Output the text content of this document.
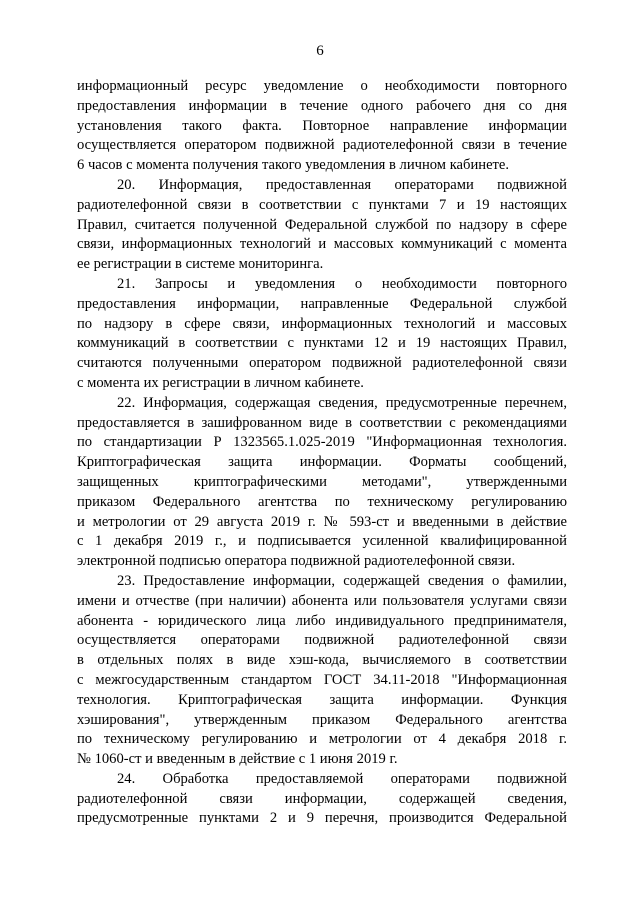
6
информационный ресурс уведомление о необходимости повторного
предоставления информации в течение одного рабочего дня со дня
установления такого факта. Повторное направление информации
осуществляется оператором подвижной радиотелефонной связи в течение
6 часов с момента получения такого уведомления в личном кабинете.
20. Информация, предоставленная операторами подвижной
радиотелефонной связи в соответствии с пунктами 7 и 19 настоящих
Правил, считается полученной Федеральной службой по надзору в сфере
связи, информационных технологий и массовых коммуникаций с момента
ее регистрации в системе мониторинга.
21. Запросы и уведомления о необходимости повторного
предоставления информации, направленные Федеральной службой
по надзору в сфере связи, информационных технологий и массовых
коммуникаций в соответствии с пунктами 12 и 19 настоящих Правил,
считаются полученными оператором подвижной радиотелефонной связи
с момента их регистрации в личном кабинете.
22. Информация, содержащая сведения, предусмотренные перечнем,
предоставляется в зашифрованном виде в соответствии с рекомендациями
по стандартизации Р 1323565.1.025-2019 "Информационная технология.
Криптографическая защита информации. Форматы сообщений,
защищенных криптографическими методами", утвержденными
приказом Федерального агентства по техническому регулированию
и метрологии от 29 августа 2019 г. № 593-ст и введенными в действие
с 1 декабря 2019 г., и подписывается усиленной квалифицированной
электронной подписью оператора подвижной радиотелефонной связи.
23. Предоставление информации, содержащей сведения о фамилии,
имени и отчестве (при наличии) абонента или пользователя услугами связи
абонента - юридического лица либо индивидуального предпринимателя,
осуществляется операторами подвижной радиотелефонной связи
в отдельных полях в виде хэш-кода, вычисляемого в соответствии
с межгосударственным стандартом ГОСТ 34.11-2018 "Информационная
технология. Криптографическая защита информации. Функция
хэширования", утвержденным приказом Федерального агентства
по техническому регулированию и метрологии от 4 декабря 2018 г.
№ 1060-ст и введенным в действие с 1 июня 2019 г.
24. Обработка предоставляемой операторами подвижной
радиотелефонной связи информации, содержащей сведения,
предусмотренные пунктами 2 и 9 перечня, производится Федеральной
